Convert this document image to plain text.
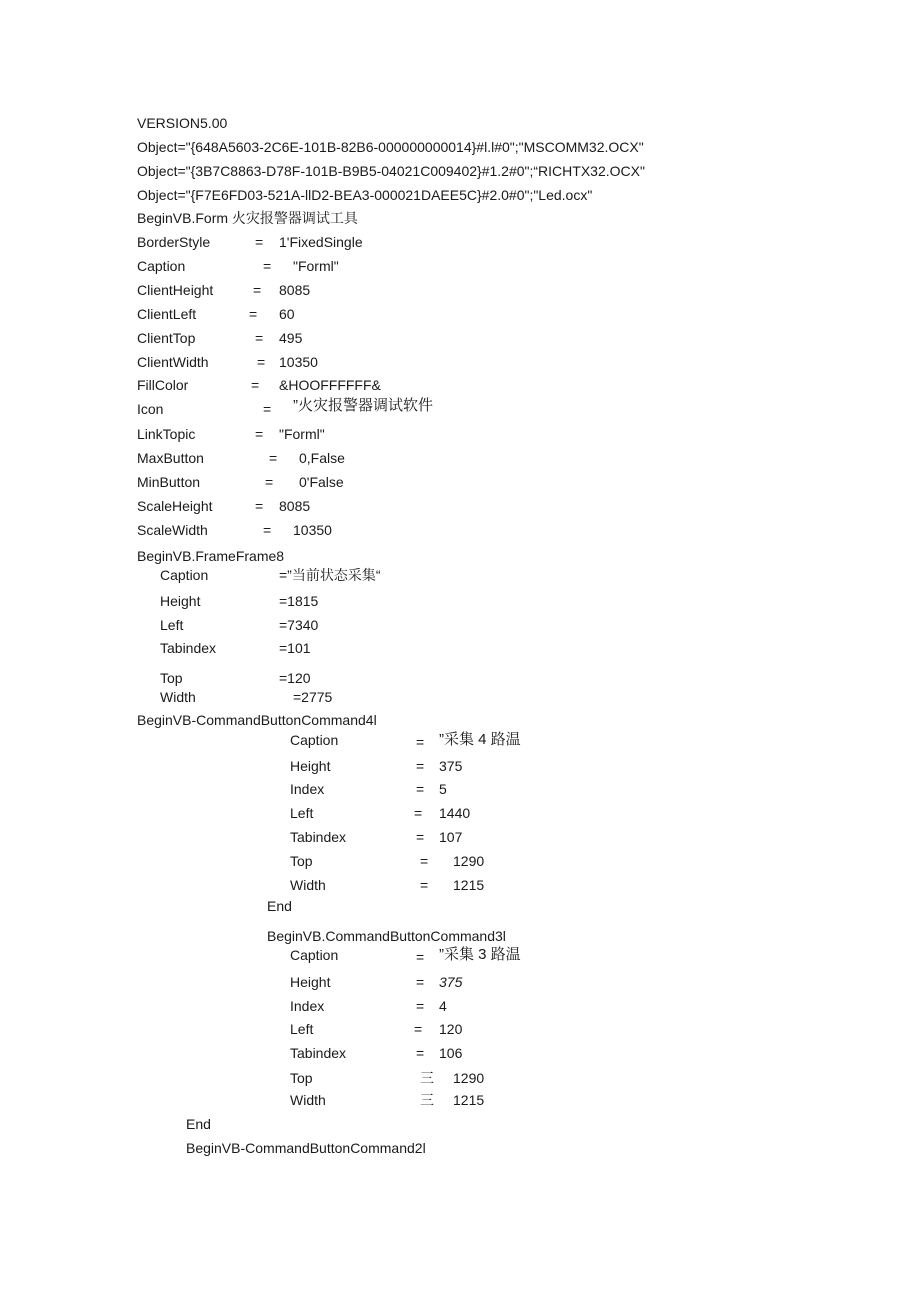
VERSION5.00
Object="{648A5603-2C6E-101B-82B6-000000000014}#l.l#0";"MSCOMM32.OCX"
Object="{3B7C8863-D78F-101B-B9B5-04021C009402}#1.2#0";“RICHTX32.OCX"
Object="{F7E6FD03-521A-llD2-BEA3-000021DAEE5C}#2.0#0";"Led.ocx"
BeginVB.Form 火灾报警器调试工具
BorderStyle	= 1'FixedSingle
Caption	= "Forml"
ClientHeight	= 8085
ClientLeft	= 60
ClientTop	= 495
ClientWidth	= 10350
FillColor	= &HOOFFFFFF&
Icon	= ”火灾报警器调试软件
LinkTopic	= "Forml"
MaxButton	= 0,False
MinButton	= 0'False
ScaleHeight	= 8085
ScaleWidth	= 10350
BeginVB.FrameFrame8
Caption	=”当前状态采集“
Height	=1815
Left	=7340
Tabindex	=101
Top	=120
Width	=2775
BeginVB-CommandButtonCommand4l
Caption	= ”采集 4 路温
Height	= 375
Index	= 5
Left	= 1440
Tabindex	= 107
Top	= 1290
Width	= 1215
End
BeginVB.CommandButtonCommand3l
Caption	= ”采集 3 路温
Height	= 375
Index	= 4
Left	= 120
Tabindex	= 106
Top	三 1290
Width	三 1215
End
BeginVB-CommandButtonCommand2l
